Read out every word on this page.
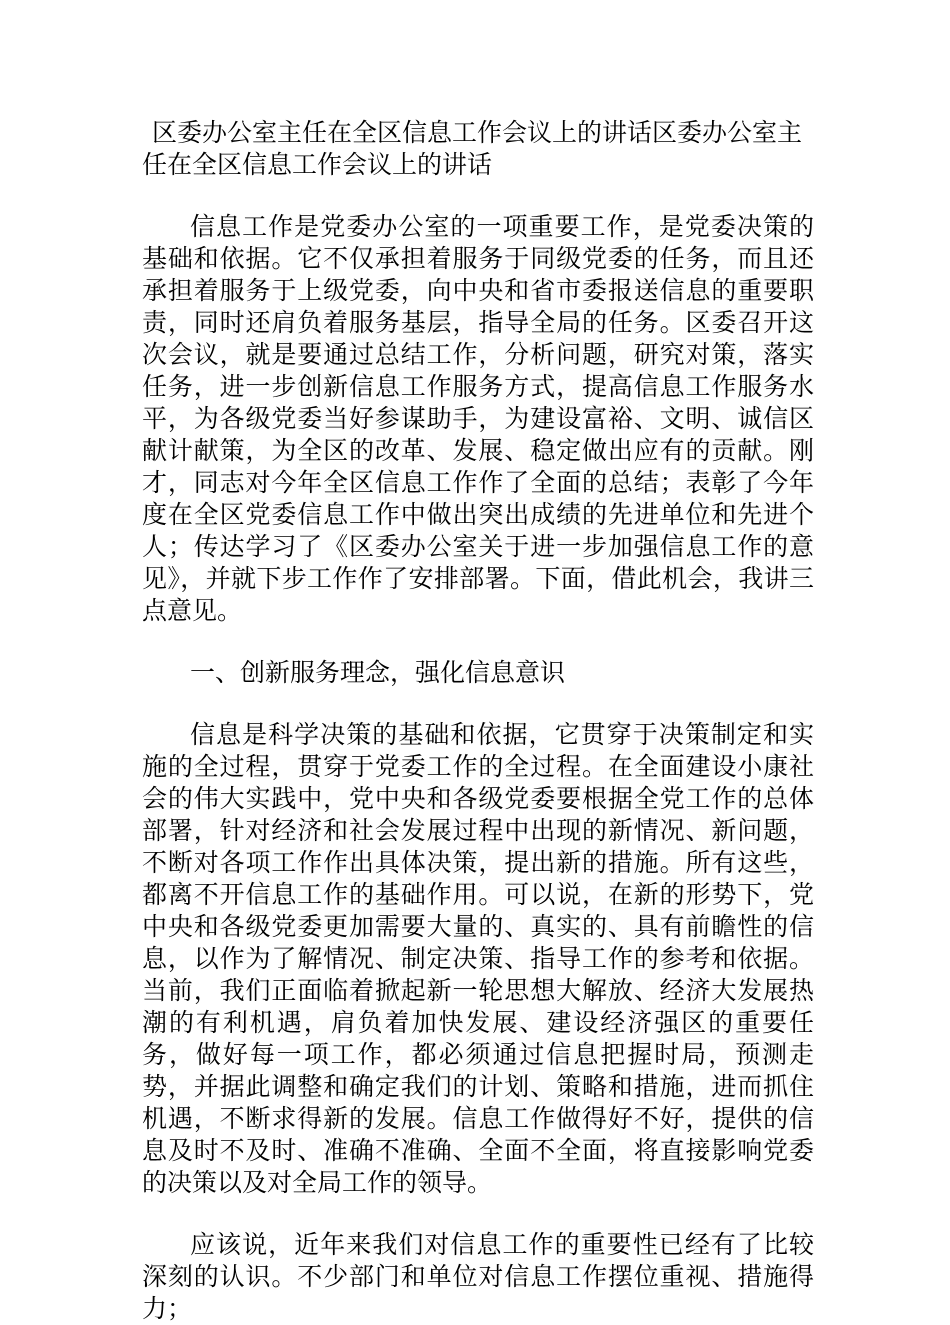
区委办公室主任在全区信息工作会议上的讲话区委办公室主任在全区信息工作会议上的讲话

信息工作是党委办公室的一项重要工作，是党委决策的基础和依据。它不仅承担着服务于同级党委的任务，而且还承担着服务于上级党委，向中央和省市委报送信息的重要职责，同时还肩负着服务基层，指导全局的任务。区委召开这次会议，就是要通过总结工作，分析问题，研究对策，落实任务，进一步创新信息工作服务方式，提高信息工作服务水平，为各级党委当好参谋助手，为建设富裕、文明、诚信区献计献策，为全区的改革、发展、稳定做出应有的贡献。刚才，同志对今年全区信息工作作了全面的总结；表彰了今年度在全区党委信息工作中做出突出成绩的先进单位和先进个人；传达学习了《区委办公室关于进一步加强信息工作的意见》，并就下步工作作了安排部署。下面，借此机会，我讲三点意见。

一、创新服务理念，强化信息意识

信息是科学决策的基础和依据，它贯穿于决策制定和实施的全过程，贯穿于党委工作的全过程。在全面建设小康社会的伟大实践中，党中央和各级党委要根据全党工作的总体部署，针对经济和社会发展过程中出现的新情况、新问题，不断对各项工作作出具体决策，提出新的措施。所有这些，都离不开信息工作的基础作用。可以说，在新的形势下，党中央和各级党委更加需要大量的、真实的、具有前瞻性的信息，以作为了解情况、制定决策、指导工作的参考和依据。当前，我们正面临着掀起新一轮思想大解放、经济大发展热潮的有利机遇，肩负着加快发展、建设经济强区的重要任务，做好每一项工作，都必须通过信息把握时局，预测走势，并据此调整和确定我们的计划、策略和措施，进而抓住机遇，不断求得新的发展。信息工作做得好不好，提供的信息及时不及时、准确不准确、全面不全面，将直接影响党委的决策以及对全局工作的领导。

应该说，近年来我们对信息工作的重要性已经有了比较深刻的认识。不少部门和单位对信息工作摆位重视、措施得力；
